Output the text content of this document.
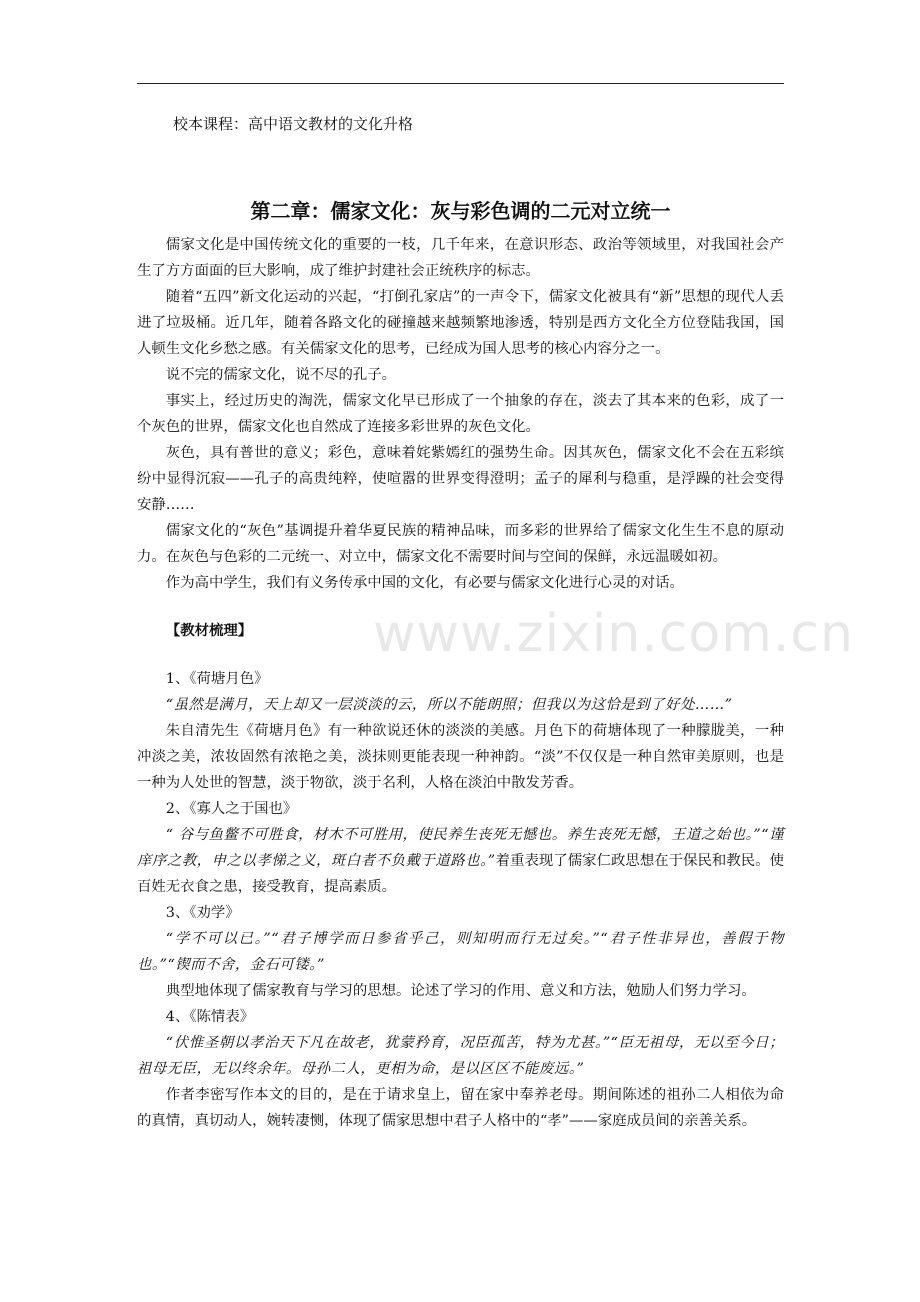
校本课程：高中语文教材的文化升格
第二章：儒家文化：灰与彩色调的二元对立统一

儒家文化是中国传统文化的重要的一枝，几千年来，在意识形态、政治等领域里，对我国社会产生了方方面面的巨大影响，成了维护封建社会正统秩序的标志。

随着“五四”新文化运动的兴起，“打倒孔家店”的一声令下，儒家文化被具有“新”思想的现代人丢进了垃圾桶。近几年，随着各路文化的碰撞越来越频繁地渗透，特别是西方文化全方位登陆我国，国人顿生文化乡愁之感。有关儒家文化的思考，已经成为国人思考的核心内容分之一。

说不完的儒家文化，说不尽的孔子。

事实上，经过历史的淘洗，儒家文化早已形成了一个抽象的存在，淡去了其本来的色彩，成了一个灰色的世界，儒家文化也自然成了连接多彩世界的灰色文化。

灰色，具有普世的意义；彩色，意味着姹紫嫣红的强势生命。因其灰色，儒家文化不会在五彩缤纷中显得沉寂——孔子的高贵纯粹，使喧嚣的世界变得澄明；孟子的犀利与稳重，是浮躁的社会变得安静……

儒家文化的“灰色”基调提升着华夏民族的精神品味，而多彩的世界给了儒家文化生生不息的原动力。在灰色与色彩的二元统一、对立中，儒家文化不需要时间与空间的保鲜，永远温暖如初。

作为高中学生，我们有义务传承中国的文化，有必要与儒家文化进行心灵的对话。

【教材梳理】

1、《荷塘月色》

“虽然是满月，天上却又一层淡淡的云，所以不能朗照；但我以为这恰是到了好处……”

朱自清先生《荷塘月色》有一种欲说还休的淡淡的美感。月色下的荷塘体现了一种朦胧美，一种冲淡之美，浓妆固然有浓艳之美，淡抹则更能表现一种神韵。“淡”不仅仅是一种自然审美原则，也是一种为人处世的智慧，淡于物欲，淡于名利，人格在淡泊中散发芳香。

2、《寡人之于国也》

“ 谷与鱼鳖不可胜食，材木不可胜用，使民养生丧死无憾也。养生丧死无憾，王道之始也。”“谨庠序之教，申之以孝悌之义，斑白者不负戴于道路也。”着重表现了儒家仁政思想在于保民和教民。使百姓无衣食之患，接受教育，提高素质。

3、《劝学》

“学不可以已。”“君子博学而日参省乎己，则知明而行无过矣。”“君子性非异也，善假于物也。”“锲而不舍，金石可镂。”

典型地体现了儒家教育与学习的思想。论述了学习的作用、意义和方法，勉励人们努力学习。

4、《陈情表》

“伏惟圣朝以孝治天下凡在故老，犹蒙矜育，况臣孤苦，特为尤甚。”“臣无祖母，无以至今日；祖母无臣，无以终余年。母孙二人，更相为命，是以区区不能废远。”

作者李密写作本文的目的，是在于请求皇上，留在家中奉养老母。期间陈述的祖孙二人相依为命的真情，真切动人，婉转凄恻，体现了儒家思想中君子人格中的“孝”——家庭成员间的亲善关系。

www.zixin.com.cn
